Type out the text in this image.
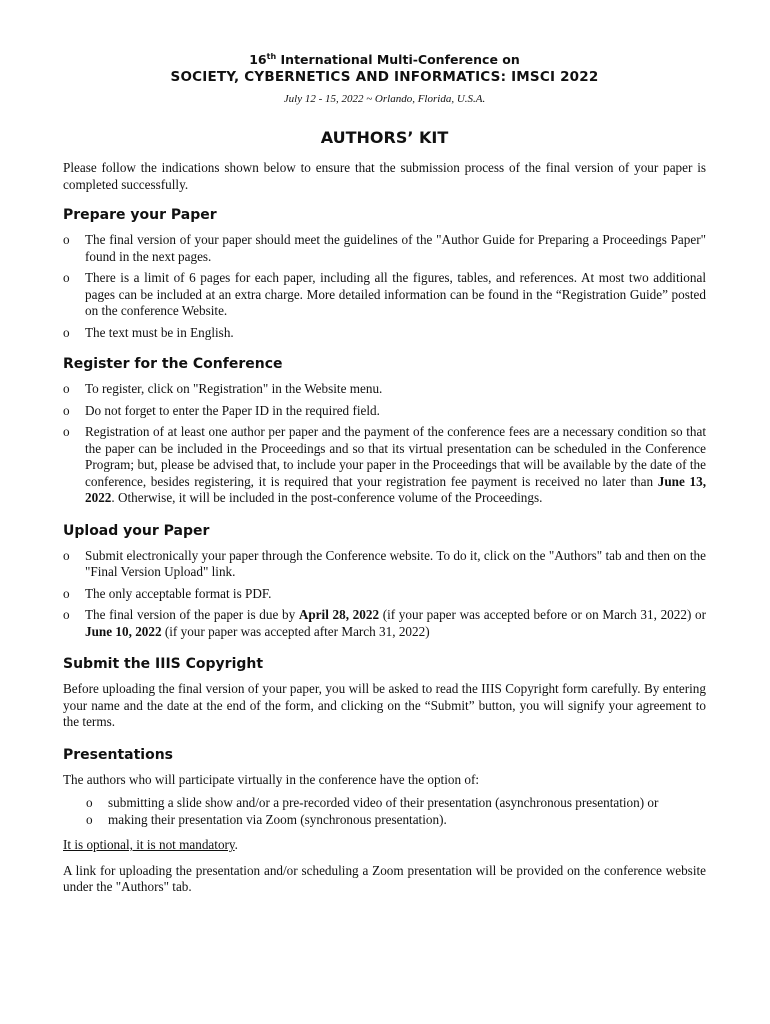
16th International Multi-Conference on
SOCIETY, CYBERNETICS AND INFORMATICS: IMSCI 2022
July 12 - 15, 2022 ~ Orlando, Florida, U.S.A.
AUTHORS’ KIT

Please follow the indications shown below to ensure that the submission process of the final version of your paper is completed successfully.

Prepare your Paper
o The final version of your paper should meet the guidelines of the "Author Guide for Preparing a Proceedings Paper" found in the next pages.
o There is a limit of 6 pages for each paper, including all the figures, tables, and references. At most two additional pages can be included at an extra charge. More detailed information can be found in the “Registration Guide” posted on the conference Website.
o The text must be in English.
Register for the Conference
o To register, click on "Registration" in the Website menu.
o Do not forget to enter the Paper ID in the required field.
o Registration of at least one author per paper and the payment of the conference fees are a necessary condition so that the paper can be included in the Proceedings and so that its virtual presentation can be scheduled in the Conference Program; but, please be advised that, to include your paper in the Proceedings that will be available by the date of the conference, besides registering, it is required that your registration fee payment is received no later than June 13, 2022. Otherwise, it will be included in the post-conference volume of the Proceedings.
Upload your Paper
o Submit electronically your paper through the Conference website. To do it, click on the "Authors" tab and then on the "Final Version Upload" link.
o The only acceptable format is PDF.
o The final version of the paper is due by April 28, 2022 (if your paper was accepted before or on March 31, 2022) or June 10, 2022 (if your paper was accepted after March 31, 2022)
Submit the IIIS Copyright

Before uploading the final version of your paper, you will be asked to read the IIIS Copyright form carefully. By entering your name and the date at the end of the form, and clicking on the “Submit” button, you will signify your agreement to the terms.

Presentations

The authors who will participate virtually in the conference have the option of:

o submitting a slide show and/or a pre-recorded video of their presentation (asynchronous presentation) or
o making their presentation via Zoom (synchronous presentation).

It is optional, it is not mandatory.

A link for uploading the presentation and/or scheduling a Zoom presentation will be provided on the conference website under the "Authors" tab.
